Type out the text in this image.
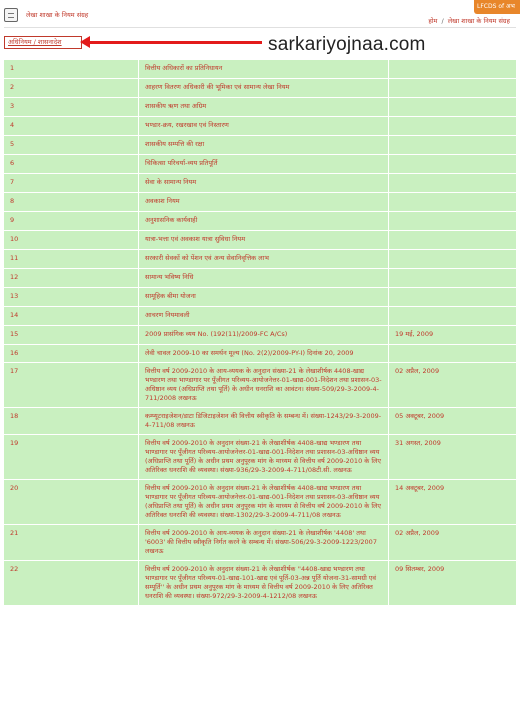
LFCDS of अभ
लेखा शाखा के नियम संग्रह
होम / लेखा शाखा के नियम संग्रह
अधिनियम / शासनादेश	sarkariyojnaa.com
1	वित्तीय अधिकारों का प्रतिनिधायन	
2	आहरण वितरण अधिकारी की भूमिका एवं सामान्य लेखा नियम	
3	शासकीय ऋण तथा अग्रिम	
4	भण्डार-क्रय, रखरखाव एवं निस्तारण	
5	शासकीय सम्पत्ति की रक्षा	
6	चिकित्सा परिचर्या-व्यय प्रतिपूर्ति	
7	सेवा के सामान्य नियम	
8	अवकाश नियम	
9	अनुशासनिक कार्यवाही	
10	यात्रा-भत्ता एवं अवकाश यात्रा सुविधा नियम	
11	सरकारी सेवकों को पेंशन एवं अन्य सेवानिवृत्तिक लाभ	
12	सामान्य भविष्य निधि	
13	सामूहिक बीमा योजना	
14	आचरण नियमावली	
15	2009 प्रासंगिक व्यय No. (192(11)/2009-FC A/Cs)	19 मई, 2009
16	लेवी चावल 2009-10 का समर्थन मूल्य (No. 2(2)/2009-PY-I) दिनांक 20, 2009	
17	वित्तीय वर्ष 2009-2010 के आय-व्ययक के अनुदान संख्या-21 के लेखाशीर्षक 4408-खाद्य भण्डारण तथा भाण्डागार पर पूँजीगत परिव्यय-आयोजनेत्तर-01-खाद्य-001-निदेशन तथा प्रशासन-03-अधिष्ठान व्यय (अधिप्राप्ति तथा पूर्ति) के अधीन धनराशि का आवंटन। संख्या-509/29-3-2009-4-711/2008 लखनऊ	02 अप्रैल, 2009
18	कम्प्यूटराइजेशन/डाटा डिजिटाइजेशन की वित्तीय स्वीकृति के सम्बन्ध में। संख्या-1243/29-3-2009-4-711/08 लखनऊ	05 अक्टूबर, 2009
19	वित्तीय वर्ष 2009-2010 के अनुदान संख्या-21 के लेखाशीर्षक 4408-खाद्य भण्डारण तथा भाण्डागार पर पूँजीगत परिव्यय-आयोजनेत्तर-01-खाद्य-001-निदेशन तथा प्रशासन-03-अधिष्ठान व्यय (अधिप्राप्ति तथा पूर्ति) के अधीन प्रथम अनुपूरक मांग के माध्यम से वित्तीय वर्ष 2009-2010 के लिए अतिरिक्त धनराशि की व्यवस्था। संख्या-936/29-3-2009-4-711/08टी.सी. लखनऊ	31 अगस्त, 2009
20	वित्तीय वर्ष 2009-2010 के अनुदान संख्या-21 के लेखाशीर्षक 4408-खाद्य भण्डारण तथा भाण्डागार पर पूँजीगत परिव्यय-आयोजनेत्तर-01-खाद्य-001-निदेशन तथा प्रशासन-03-अधिष्ठान व्यय (अधिप्राप्ति तथा पूर्ति) के अधीन प्रथम अनुपूरक मांग के माध्यम से वित्तीय वर्ष 2009-2010 के लिए अतिरिक्त धनराशि की व्यवस्था। संख्या-1302/29-3-2009-4-711/08 लखनऊ	14 अक्टूबर, 2009
21	वित्तीय वर्ष 2009-2010 के आय-व्ययक के अनुदान संख्या-21 के लेखाशीर्षक '4408' तथा '6003' की वित्तीय स्वीकृति निर्गत करने के सम्बन्ध में। संख्या-506/29-3-2009-1223/2007 लखनऊ	02 अप्रैल, 2009
22	वित्तीय वर्ष 2009-2010 के अनुदान संख्या-21 के लेखाशीर्षक ''4408-खाद्य भण्डारण तथा भाण्डागार पर पूँजीगत परिव्यय-01-खाद्य-101-खाद्य एवं पूर्ति-03-अन्न पूर्ति योजना-31-सामग्री एवं सम्पूर्ति'' के अधीन प्रथम अनुपूरक मांग के माध्यम से वित्तीय वर्ष 2009-2010 के लिए अतिरिक्त धनराशि की व्यवस्था। संख्या-972/29-3-2009-4-1212/08 लखनऊ	09 सितम्बर, 2009
